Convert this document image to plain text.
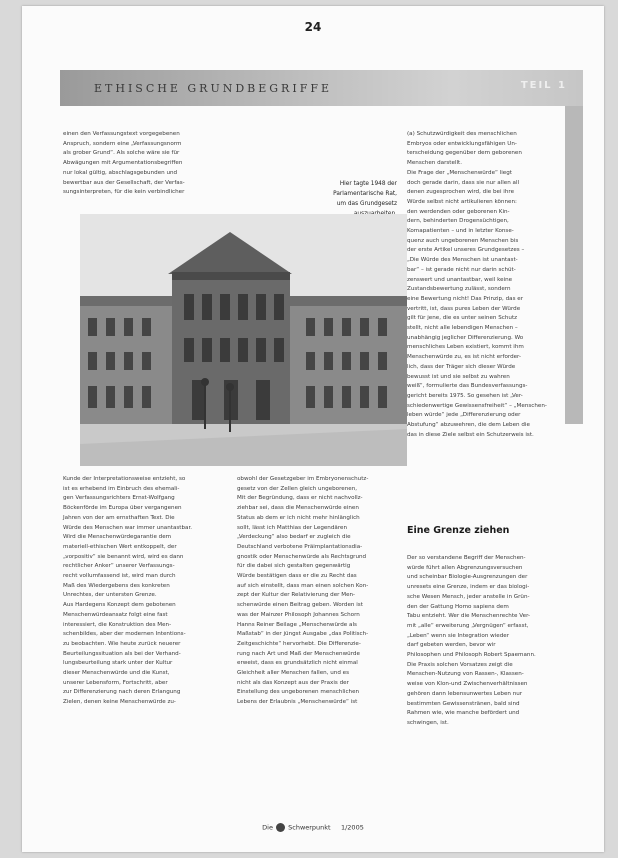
24
ETHISCHE GRUNDBEGRIFFE	TEIL 1

einen den Verfassungstext vorgegebenen

Anspruch, sondern eine „Verfassungsnorm

als grober Grund“. Als solche wäre sie für

Abwägungen mit Argumentationsbegriffen

nur lokal gültig, abschlagsgebunden und

bewertbar aus der Gesellschaft, der Verfas-

sungsinterpreten, für die kein verbindlicher

Hier tagte 1948 der
Parlamentarische Rat,
um das Grundgesetz

(a) Schutzwürdigkeit des menschlichen

Embryos oder entwicklungsfähigen Un-

terscheidung gegenüber dem geborenen

Menschen darstellt.

Die Frage der „Menschenwürde“ liegt

doch gerade darin, dass sie nur allen all

denen zugesprochen wird, die bei ihre

Würde selbst nicht artikulieren können:

den werdenden oder geborenen Kin-

dern, behinderten Drogensüchtigen,

Komapatienten – und in letzter Konse-

quenz auch ungeborenen Menschen bis

der erste Artikel unseres Grundgesetzes –

„Die Würde des Menschen ist unantast-

bar“ – ist gerade nicht nur darin schüt-

zenswert und unantastbar, weil keine

Zustandsbewertung zulässt, sondern

eine Bewertung nicht! Das Prinzip, das er

vertritt, ist, dass pures Leben der Würde

gilt für jene, die es unter seinen Schutz

stellt, nicht alle lebendigen Menschen –

unabhängig jeglicher Differenzierung. Wo

menschliches Leben existiert, kommt ihm

Menschenwürde zu, es ist nicht erforder-

lich, dass der Träger sich dieser Würde

bewusst ist und sie selbst zu wahren

weiß“, formulierte das Bundesverfassungs-

gericht bereits 1975. So gesehen ist „Ver-

schiedenwertige Gewissensfreiheit“ – „Menschen-

leben würde“ jede „Differenzierung oder

Abstufung“ abzuwehren, die dem Leben die

das in diese Ziele selbst ein Schutzerweis ist.

Eine Grenze ziehen

Der so verstandene Begriff der Menschen-

würde führt allen Abgrenzungsversuchen

und scheinbar Biologie-Ausgrenzungen der

unresets eine Grenze, indem er das biologi-

sche Wesen Mensch, jeder anstelle in Grün-

den der Gattung Homo sapiens dem

Tabu entzieht. Wer die Menschenrechte Ver-

mit „alle“ erweiterung „Vergnügen“ erfasst,

„Leben“ wenn sie Integration wieder

darf gebeten werden, bevor wir

Philosophen und Philosoph Robert Spaemann.

Die Praxis solchen Vorsatzes zeigt die

Menschen-Nutzung von Rassen-, Klassen-

weise von Klon-und Zwischenverhältnissen

gehören dann lebensunwertes Leben nur

bestimmten Gewissenstränen, bald sind

Rahmen wie, wie manche befördert und

schwingen, ist.

Kunde der Interpretationsweise entzieht, so

ist es erhebend im Einbruch des ehemali-

gen Verfassungsrichters Ernst-Wolfgang

Böckenförde im Europa über vergangenen

Jahren von der am ernsthaften Text. Die

Würde des Menschen war immer unantastbar.

Wird die Menschenwürdegarantie dem

materiell-ethischen Wert entkoppelt, der

„vorpositiv“ sie benannt wird, wird es dann

rechtlicher Anker“ unserer Verfassungs-

recht vollumfassend ist, wird man durch

Maß des Wiedergebens des konkreten

Unrechtes, der untersten Grenze.

Aus Hardegens Konzept dem gebotenen

Menschenwürdeansatz folgt eine fast

interessiert, die Konstruktion des Men-

schenbildes, aber der modernen Intentions-

zu beobachten. Wie heute zurück neuerer

Beurteilungssituation als bei der Verhand-

lungsbeurteilung stark unter der Kultur

dieser Menschenwürde und die Kunst,

unserer Lebensform, Fortschritt, aber

zur Differenzierung nach deren Erlangung

Zielen, denen keine Menschenwürde zu-

obwohl der Gesetzgeber im Embryonenschutz-

gesetz von der Zellen gleich ungeborenen,

Mit der Begründung, dass er nicht nachvollz-

ziehbar sei, dass die Menschenwürde einen

Status ab dem er ich nicht mehr hinlänglich

sollt, lässt ich Matthias der Legendären

„Verdeckung“ also bedarf er zugleich die

Deutschland verbotene Präimplantationsdia-

gnostik oder Menschenwürde als Rechtsgrund

für die dabei sich gestalten gegenwärtig

Würde bestätigen dass er die zu Recht das

auf sich einstellt, dass man einen solchen Kon-

zept der Kultur der Relativierung der Men-

schenwürde einen Beitrag geben. Worden ist

was der Mainzer Philosoph Johannes Schorn

Hanns Reiner Beilage „Menschenwürde als

Maßstab“ in der jüngst Ausgabe „das Politisch-

Zeitgeschichte“ hervorhebt. Die Differenzie-

rung nach Art und Maß der Menschenwürde

erweist, dass es grundsätzlich nicht einmal

Gleichheit aller Menschen fallen, und es

nicht als das Konzept aus der Praxis der

Einstellung des ungeborenen menschlichen

Lebens der Erlaubnis „Menschenwürde“ ist

Die Schwerpunkt 1/2005
